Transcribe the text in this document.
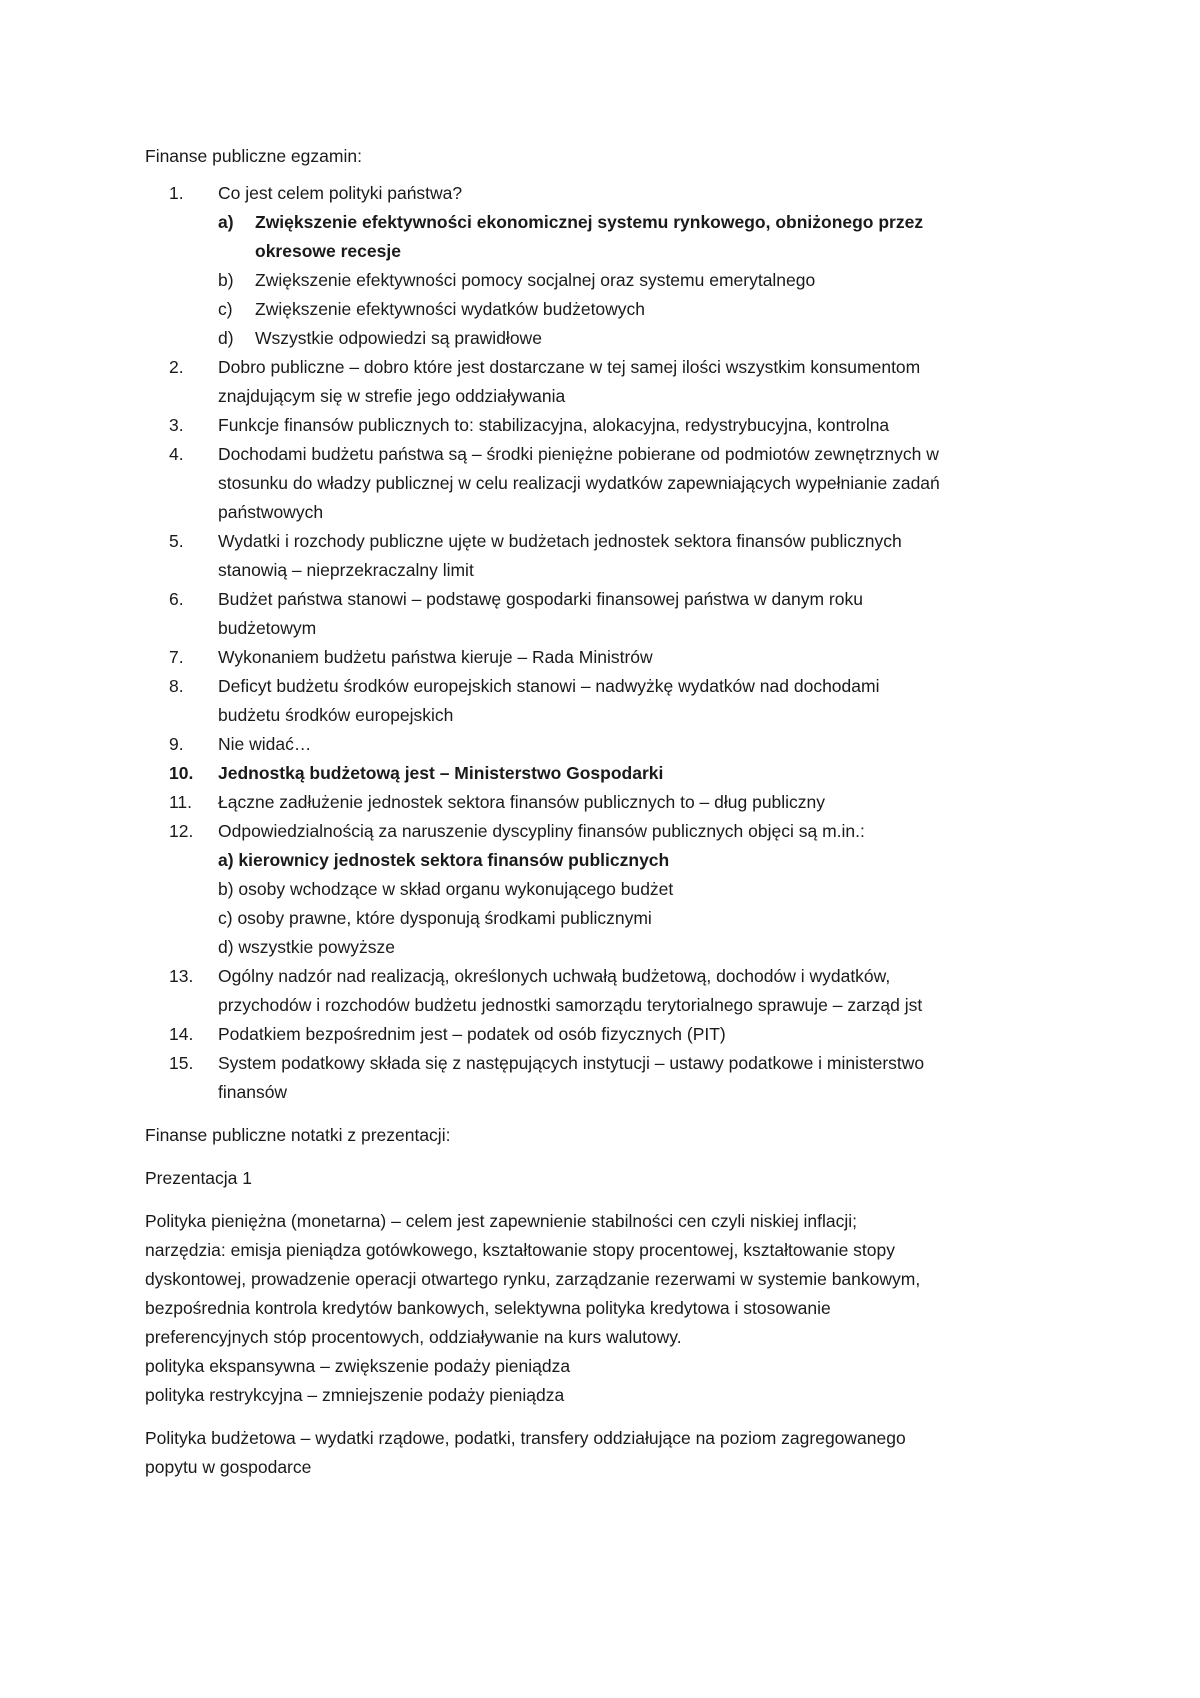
Finanse publiczne egzamin:

1. Co jest celem polityki państwa?
a) Zwiększenie efektywności ekonomicznej systemu rynkowego, obniżonego przez
okresowe recesje
b) Zwiększenie efektywności pomocy socjalnej oraz systemu emerytalnego
c) Zwiększenie efektywności wydatków budżetowych
d) Wszystkie odpowiedzi są prawidłowe
2. Dobro publiczne – dobro które jest dostarczane w tej samej ilości wszystkim konsumentom
znajdującym się w strefie jego oddziaływania
3. Funkcje finansów publicznych to: stabilizacyjna, alokacyjna, redystrybucyjna, kontrolna
4. Dochodami budżetu państwa są – środki pieniężne pobierane od podmiotów zewnętrznych w
stosunku do władzy publicznej w celu realizacji wydatków zapewniających wypełnianie zadań
państwowych
5. Wydatki i rozchody publiczne ujęte w budżetach jednostek sektora finansów publicznych
stanowią – nieprzekraczalny limit
6. Budżet państwa stanowi – podstawę gospodarki finansowej państwa w danym roku
budżetowym
7. Wykonaniem budżetu państwa kieruje – Rada Ministrów
8. Deficyt budżetu środków europejskich stanowi – nadwyżkę wydatków nad dochodami
budżetu środków europejskich
9. Nie widać…
10. Jednostką budżetową jest – Ministerstwo Gospodarki
11. Łączne zadłużenie jednostek sektora finansów publicznych to – dług publiczny
12. Odpowiedzialnością za naruszenie dyscypliny finansów publicznych objęci są m.in.:
a) kierownicy jednostek sektora finansów publicznych
b) osoby wchodzące w skład organu wykonującego budżet
c) osoby prawne, które dysponują środkami publicznymi
d) wszystkie powyższe
13. Ogólny nadzór nad realizacją, określonych uchwałą budżetową, dochodów i wydatków,
przychodów i rozchodów budżetu jednostki samorządu terytorialnego sprawuje – zarząd jst
14. Podatkiem bezpośrednim jest – podatek od osób fizycznych (PIT)
15. System podatkowy składa się z następujących instytucji – ustawy podatkowe i ministerstwo
finansów

Finanse publiczne notatki z prezentacji:

Prezentacja 1

Polityka pieniężna (monetarna) – celem jest zapewnienie stabilności cen czyli niskiej inflacji;
narzędzia: emisja pieniądza gotówkowego, kształtowanie stopy procentowej, kształtowanie stopy
dyskontowej, prowadzenie operacji otwartego rynku, zarządzanie rezerwami w systemie bankowym,
bezpośrednia kontrola kredytów bankowych, selektywna polityka kredytowa i stosowanie
preferencyjnych stóp procentowych, oddziaływanie na kurs walutowy.
polityka ekspansywna – zwiększenie podaży pieniądza
polityka restrykcyjna – zmniejszenie podaży pieniądza
Polityka budżetowa – wydatki rządowe, podatki, transfery oddziałujące na poziom zagregowanego
popytu w gospodarce
